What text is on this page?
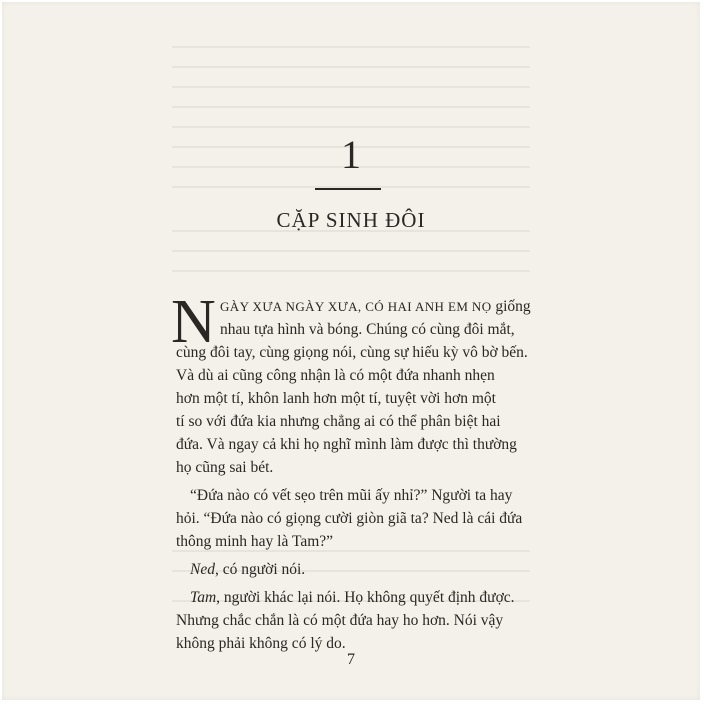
1
CẶP SINH ĐÔI
N GÀY XƯA NGÀY XƯA, CÓ HAI ANH EM NỌ giống
nhau tựa hình và bóng. Chúng có cùng đôi mắt,
cùng đôi tay, cùng giọng nói, cùng sự hiếu kỳ vô bờ bến.
Và dù ai cũng công nhận là có một đứa nhanh nhẹn
hơn một tí, khôn lanh hơn một tí, tuyệt vời hơn một
tí so với đứa kia nhưng chẳng ai có thể phân biệt hai
đứa. Và ngay cả khi họ nghĩ mình làm được thì thường
họ cũng sai bét.
“Đứa nào có vết sẹo trên mũi ấy nhỉ?” Người ta hay
hỏi. “Đứa nào có giọng cười giòn giã ta? Ned là cái đứa
thông minh hay là Tam?”
Ned, có người nói.
Tam, người khác lại nói. Họ không quyết định được.
Nhưng chắc chắn là có một đứa hay ho hơn. Nói vậy
không phải không có lý do.
7
